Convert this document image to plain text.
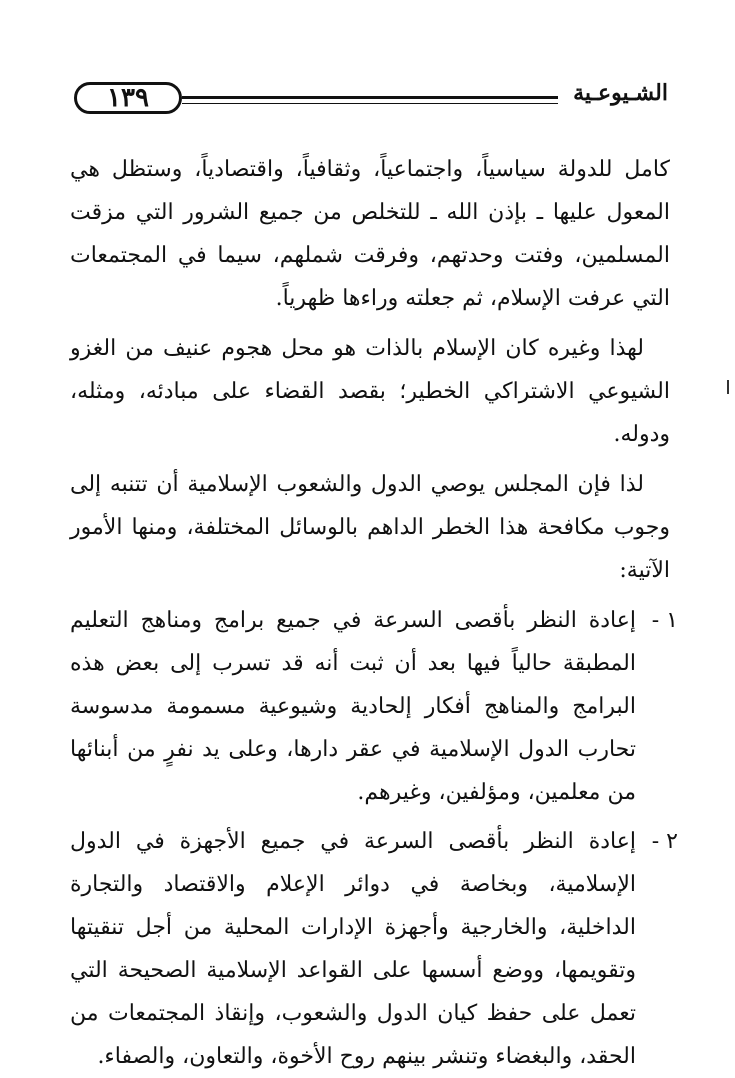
١٣٩	الشـيوعـية

كامل للدولة سياسياً، واجتماعياً، وثقافياً، واقتصادياً، وستظل هي المعول عليها ـ بإذن الله ـ للتخلص من جميع الشرور التي مزقت المسلمين، وفتت وحدتهم، وفرقت شملهم، سيما في المجتمعات التي عرفت الإسلام، ثم جعلته وراءها ظهرياً.

لهذا وغيره كان الإسلام بالذات هو محل هجوم عنيف من الغزو الشيوعي الاشتراكي الخطير؛ بقصد القضاء على مبادئه، ومثله، ودوله.

لذا فإن المجلس يوصي الدول والشعوب الإسلامية أن تتنبه إلى وجوب مكافحة هذا الخطر الداهم بالوسائل المختلفة، ومنها الأمور الآتية:

١ -
إعادة النظر بأقصى السرعة في جميع برامج ومناهج التعليم المطبقة حالياً فيها بعد أن ثبت أنه قد تسرب إلى بعض هذه البرامج والمناهج أفكار إلحادية وشيوعية مسمومة مدسوسة تحارب الدول الإسلامية في عقر دارها، وعلى يد نفرٍ من أبنائها من معلمين، ومؤلفين، وغيرهم.
٢ -
إعادة النظر بأقصى السرعة في جميع الأجهزة في الدول الإسلامية، وبخاصة في دوائر الإعلام والاقتصاد والتجارة الداخلية، والخارجية وأجهزة الإدارات المحلية من أجل تنقيتها وتقويمها، ووضع أسسها على القواعد الإسلامية الصحيحة التي تعمل على حفظ كيان الدول والشعوب، وإنقاذ المجتمعات من الحقد، والبغضاء وتنشر بينهم روح الأخوة، والتعاون، والصفاء.
